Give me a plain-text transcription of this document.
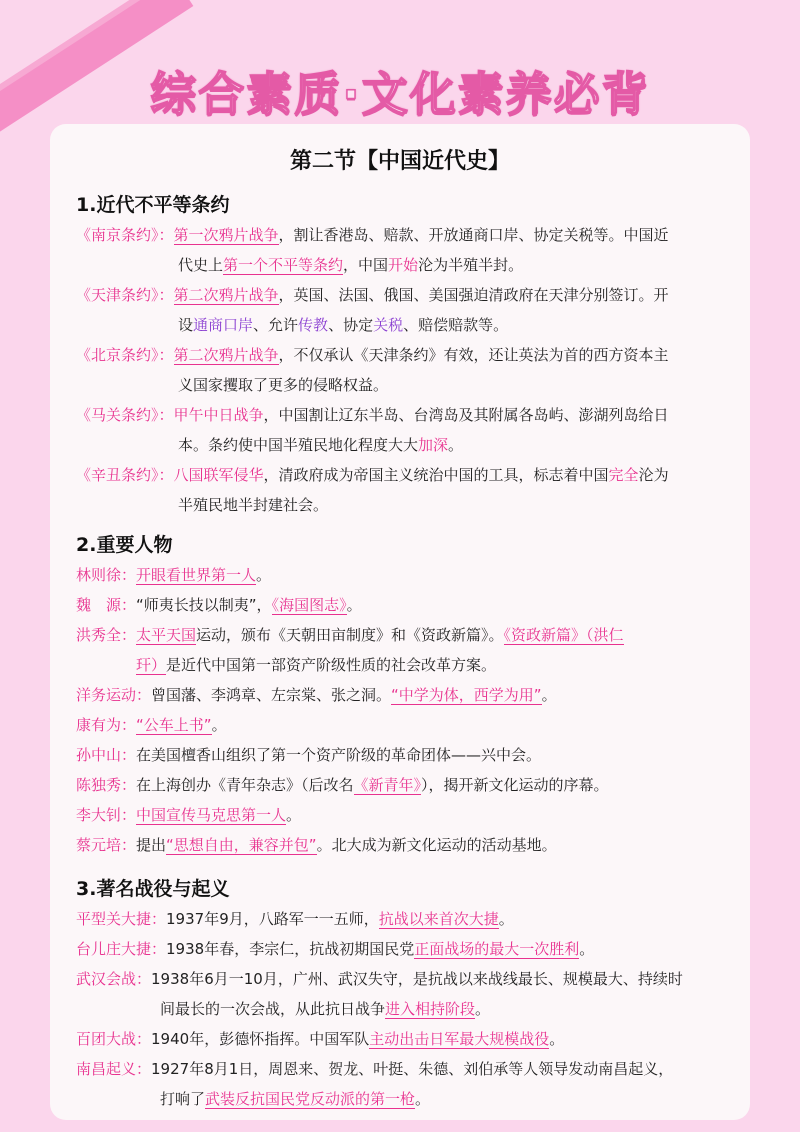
综合素质·文化素养必背
第二节【中国近代史】
1.近代不平等条约
《南京条约》：第一次鸦片战争，割让香港岛、赔款、开放通商口岸、协定关税等。中国近
代史上第一个不平等条约，中国开始沦为半殖半封。
《天津条约》：第二次鸦片战争，英国、法国、俄国、美国强迫清政府在天津分别签订。开
设通商口岸、允许传教、协定关税、赔偿赔款等。
《北京条约》：第二次鸦片战争，不仅承认《天津条约》有效，还让英法为首的西方资本主
义国家攫取了更多的侵略权益。
《马关条约》：甲午中日战争，中国割让辽东半岛、台湾岛及其附属各岛屿、澎湖列岛给日
本。条约使中国半殖民地化程度大大加深。
《辛丑条约》：八国联军侵华，清政府成为帝国主义统治中国的工具，标志着中国完全沦为
半殖民地半封建社会。
2.重要人物
林则徐：开眼看世界第一人。
魏　源：“师夷长技以制夷”，《海国图志》。
洪秀全：太平天国运动，颁布《天朝田亩制度》和《资政新篇》。《资政新篇》（洪仁
玕）是近代中国第一部资产阶级性质的社会改革方案。
洋务运动：曾国藩、李鸿章、左宗棠、张之洞。“中学为体，西学为用”。
康有为：“公车上书”。
孙中山：在美国檀香山组织了第一个资产阶级的革命团体——兴中会。
陈独秀：在上海创办《青年杂志》（后改名《新青年》），揭开新文化运动的序幕。
李大钊：中国宣传马克思第一人。
蔡元培：提出“思想自由，兼容并包”。北大成为新文化运动的活动基地。
3.著名战役与起义
平型关大捷：1937年9月，八路军一一五师，抗战以来首次大捷。
台儿庄大捷：1938年春，李宗仁，抗战初期国民党正面战场的最大一次胜利。
武汉会战：1938年6月一10月，广州、武汉失守，是抗战以来战线最长、规模最大、持续时
间最长的一次会战，从此抗日战争进入相持阶段。
百团大战：1940年，彭德怀指挥。中国军队主动出击日军最大规模战役。
南昌起义：1927年8月1日，周恩来、贺龙、叶挺、朱德、刘伯承等人领导发动南昌起义，
打响了武装反抗国民党反动派的第一枪。
